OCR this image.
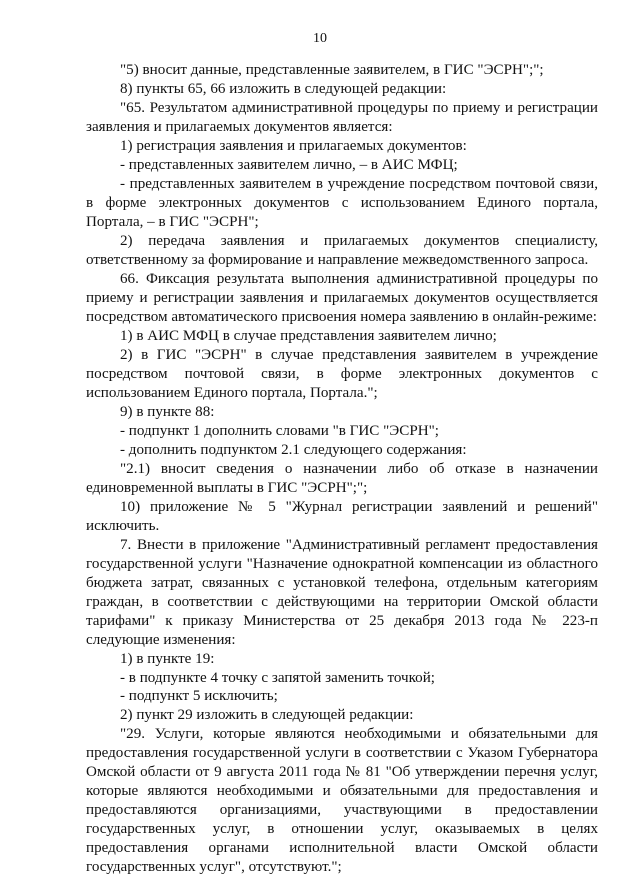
10

"5) вносит данные, представленные заявителем, в ГИС "ЭСРН";";

8) пункты 65, 66 изложить в следующей редакции:

"65. Результатом административной процедуры по приему и регистрации заявления и прилагаемых документов является:

1) регистрация заявления и прилагаемых документов:

- представленных заявителем лично, – в АИС МФЦ;

- представленных заявителем в учреждение посредством почтовой связи, в форме электронных документов с использованием Единого портала, Портала, – в ГИС "ЭСРН";

2) передача заявления и прилагаемых документов специалисту, ответственному за формирование и направление межведомственного запроса.

66. Фиксация результата выполнения административной процедуры по приему и регистрации заявления и прилагаемых документов осуществляется посредством автоматического присвоения номера заявлению в онлайн-режиме:

1) в АИС МФЦ в случае представления заявителем лично;

2) в ГИС "ЭСРН" в случае представления заявителем в учреждение посредством почтовой связи, в форме электронных документов с использованием Единого портала, Портала.";

9) в пункте 88:

- подпункт 1 дополнить словами "в ГИС "ЭСРН";

- дополнить подпунктом 2.1 следующего содержания:

"2.1) вносит сведения о назначении либо об отказе в назначении единовременной выплаты в ГИС "ЭСРН";";

10) приложение № 5 "Журнал регистрации заявлений и решений" исключить.

7. Внести в приложение "Административный регламент предоставления государственной услуги "Назначение однократной компенсации из областного бюджета затрат, связанных с установкой телефона, отдельным категориям граждан, в соответствии с действующими на территории Омской области тарифами" к приказу Министерства от 25 декабря 2013 года № 223-п следующие изменения:

1) в пункте 19:

- в подпункте 4 точку с запятой заменить точкой;

- подпункт 5 исключить;

2) пункт 29 изложить в следующей редакции:

"29. Услуги, которые являются необходимыми и обязательными для предоставления государственной услуги в соответствии с Указом Губернатора Омской области от 9 августа 2011 года № 81 "Об утверждении перечня услуг, которые являются необходимыми и обязательными для предоставления и предоставляются организациями, участвующими в предоставлении государственных услуг, в отношении услуг, оказываемых в целях предоставления органами исполнительной власти Омской области государственных услуг", отсутствуют.";
